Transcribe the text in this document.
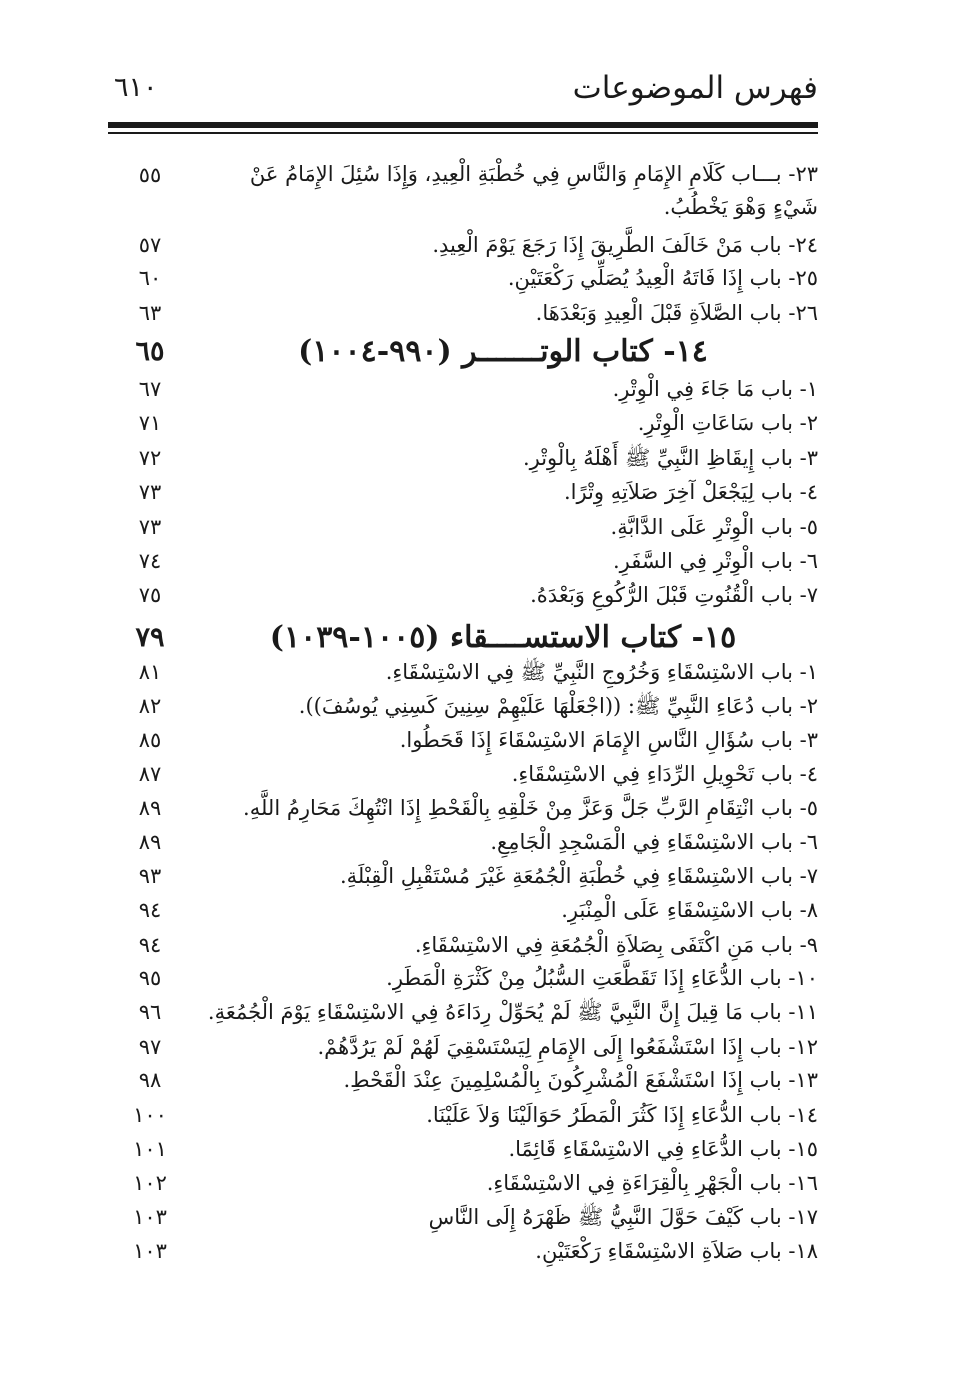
فهرس الموضوعات
٦١٠
٢٣- بـــاب كَلَامِ الإِمَامِ وَالنَّاسِ فِي خُطْبَةِ الْعِيدِ، وَإِذَا سُئِلَ الإِمَامُ عَنْ شَيْءٍ وَهْوَ يَخْطُبُ.
٥٥
٢٤- باب مَنْ خَالَفَ الطَّرِيقَ إِذَا رَجَعَ يَوْمَ الْعِيدِ.
٥٧
٢٥- باب إِذَا فَاتَهُ الْعِيدُ يُصَلِّي رَكْعَتَيْنِ.
٦٠
٢٦- باب الصَّلاَةِ قَبْلَ الْعِيدِ وَبَعْدَهَا.
٦٣
١٤- كتاب الوتـــــــر (٩٩٠-١٠٠٤)
٦٥
١- باب مَا جَاءَ فِي الْوِتْرِ.
٦٧
٢- باب سَاعَاتِ الْوِتْرِ.
٧١
٣- باب إِيقَاظِ النَّبِيِّ ﷺ أَهْلَهُ بِالْوِتْرِ.
٧٢
٤- باب لِيَجْعَلْ آخِرَ صَلاَتِهِ وِتْرًا.
٧٣
٥- باب الْوِتْرِ عَلَى الدَّابَّةِ.
٧٣
٦- باب الْوِتْرِ فِي السَّفَرِ.
٧٤
٧- باب الْقُنُوتِ قَبْلَ الرُّكُوعِ وَبَعْدَهُ.
٧٥
١٥- كتاب الاستســــقاء (١٠٠٥-١٠٣٩)
٧٩
١- باب الاسْتِسْقَاءِ وَخُرُوجِ النَّبِيِّ ﷺ فِي الاسْتِسْقَاءِ.
٨١
٢- باب دُعَاءِ النَّبِيِّ ﷺ: ((اجْعَلْهَا عَلَيْهِمْ سِنِينَ كَسِنِي يُوسُفَ)).
٨٢
٣- باب سُؤَالِ النَّاسِ الإِمَامَ الاسْتِسْقَاءَ إِذَا قَحَطُوا.
٨٥
٤- باب تَحْوِيلِ الرِّدَاءِ فِي الاسْتِسْقَاءِ.
٨٧
٥- باب انْتِقَامِ الرَّبِّ جَلَّ وَعَزَّ مِنْ خَلْقِهِ بِالْقَحْطِ إِذَا انْتُهِكَ مَحَارِمُ اللَّهِ.
٨٩
٦- باب الاسْتِسْقَاءِ فِي الْمَسْجِدِ الْجَامِعِ.
٨٩
٧- باب الاسْتِسْقَاءِ فِي خُطْبَةِ الْجُمُعَةِ غَيْرَ مُسْتَقْبِلِ الْقِبْلَةِ.
٩٣
٨- باب الاسْتِسْقَاءِ عَلَى الْمِنْبَرِ.
٩٤
٩- باب مَنِ اكْتَفَى بِصَلاَةِ الْجُمُعَةِ فِي الاسْتِسْقَاءِ.
٩٤
١٠- باب الدُّعَاءِ إِذَا تَقَطَّعَتِ السُّبُلُ مِنْ كَثْرَةِ الْمَطَرِ.
٩٥
١١- باب مَا قِيلَ إِنَّ النَّبِيَّ ﷺ لَمْ يُحَوِّلْ رِدَاءَهُ فِي الاسْتِسْقَاءِ يَوْمَ الْجُمُعَةِ.
٩٦
١٢- باب إِذَا اسْتَشْفَعُوا إِلَى الإِمَامِ لِيَسْتَسْقِيَ لَهُمْ لَمْ يَرُدَّهُمْ.
٩٧
١٣- باب إِذَا اسْتَشْفَعَ الْمُشْرِكُونَ بِالْمُسْلِمِينَ عِنْدَ الْقَحْطِ.
٩٨
١٤- باب الدُّعَاءِ إِذَا كَثُرَ الْمَطَرُ حَوَالَيْنَا وَلاَ عَلَيْنَا.
١٠٠
١٥- باب الدُّعَاءِ فِي الاسْتِسْقَاءِ قَائِمًا.
١٠١
١٦- باب الْجَهْرِ بِالْقِرَاءَةِ فِي الاسْتِسْقَاءِ.
١٠٢
١٧- باب كَيْفَ حَوَّلَ النَّبِيُّ ﷺ ظَهْرَهُ إِلَى النَّاسِ
١٠٣
١٨- باب صَلاَةِ الاسْتِسْقَاءِ رَكْعَتَيْنِ.
١٠٣
